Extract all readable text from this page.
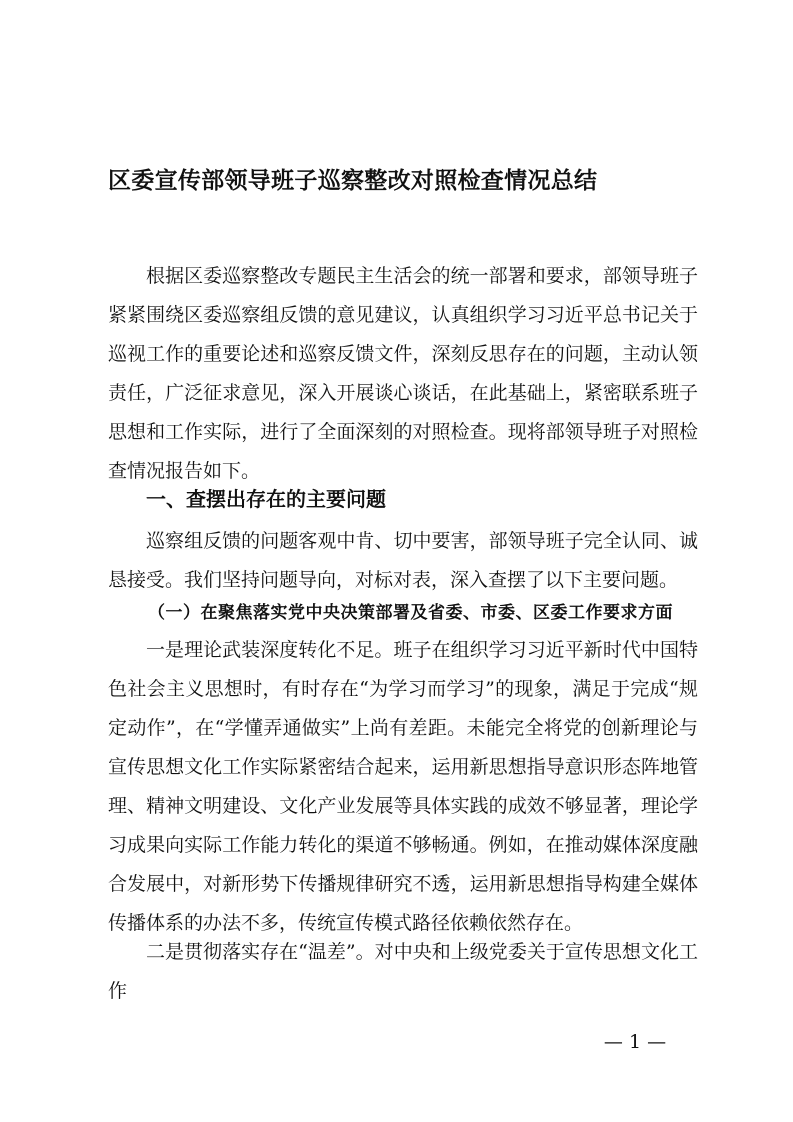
区委宣传部领导班子巡察整改对照检查情况总结

根据区委巡察整改专题民主生活会的统一部署和要求，部领导班子紧紧围绕区委巡察组反馈的意见建议，认真组织学习习近平总书记关于巡视工作的重要论述和巡察反馈文件，深刻反思存在的问题，主动认领责任，广泛征求意见，深入开展谈心谈话，在此基础上，紧密联系班子思想和工作实际，进行了全面深刻的对照检查。现将部领导班子对照检查情况报告如下。

一、查摆出存在的主要问题

巡察组反馈的问题客观中肯、切中要害，部领导班子完全认同、诚恳接受。我们坚持问题导向，对标对表，深入查摆了以下主要问题。

（一）在聚焦落实党中央决策部署及省委、市委、区委工作要求方面

一是理论武装深度转化不足。班子在组织学习习近平新时代中国特色社会主义思想时，有时存在“为学习而学习”的现象，满足于完成“规定动作”，在“学懂弄通做实”上尚有差距。未能完全将党的创新理论与宣传思想文化工作实际紧密结合起来，运用新思想指导意识形态阵地管理、精神文明建设、文化产业发展等具体实践的成效不够显著，理论学习成果向实际工作能力转化的渠道不够畅通。例如，在推动媒体深度融合发展中，对新形势下传播规律研究不透，运用新思想指导构建全媒体传播体系的办法不多，传统宣传模式路径依赖依然存在。

二是贯彻落实存在“温差”。对中央和上级党委关于宣传思想文化工作

— 1 —
